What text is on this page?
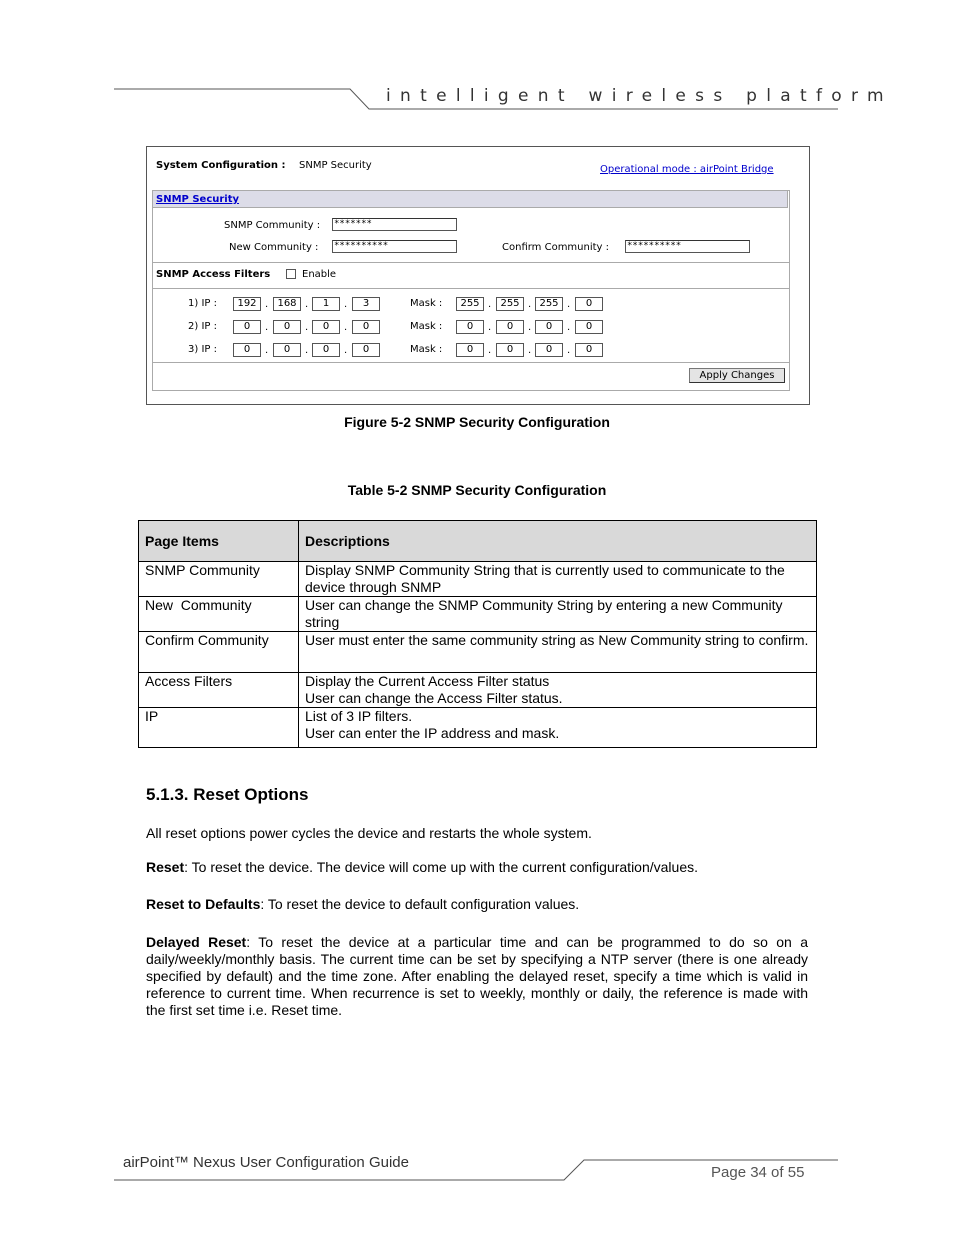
intelligent wireless platform
System Configuration : SNMP Security	Operational mode : airPoint Bridge
SNMP Security
SNMP Community : *******
New Community : **********	Confirm Community : **********
SNMP Access Filters	Enable
1) IP :	192 . 168 .	1	.	3	Mask :	255 . 255 . 255 .	0
2) IP :	0	.	0	.	0	.	0	Mask :	0	.	0	.	0	.	0
3) IP :	0	.	0	.	0	.	0	Mask :	0	.	0	.	0	.	0
Apply Changes
Figure 5-2 SNMP Security Configuration
Table 5-2 SNMP Security Configuration
Page Items	Descriptions
SNMP Community	Display SNMP Community String that is currently used to communicate to the device through SNMP

New  Community	User can change the SNMP Community String by entering a new Community string

Confirm Community	User must enter the same community string as New Community string to confirm.

Access Filters	Display the Current Access Filter status
User can change the Access Filter status.

IP	List of 3 IP filters.
User can enter the IP address and mask.
5.1.3. Reset Options
All reset options power cycles the device and restarts the whole system.
Reset: To reset the device. The device will come up with the current configuration/values.
Reset to Defaults: To reset the device to default configuration values.
Delayed Reset: To reset the device at a particular time and can be programmed to do so on a daily/weekly/monthly basis. The current time can be set by specifying a NTP server (there is one already specified by default) and the time zone. After enabling the delayed reset, specify a time which is valid in reference to current time. When recurrence is set to weekly, monthly or daily, the reference is made with the first set time i.e. Reset time.
airPoint™ Nexus User Configuration Guide
Page 34 of 55
